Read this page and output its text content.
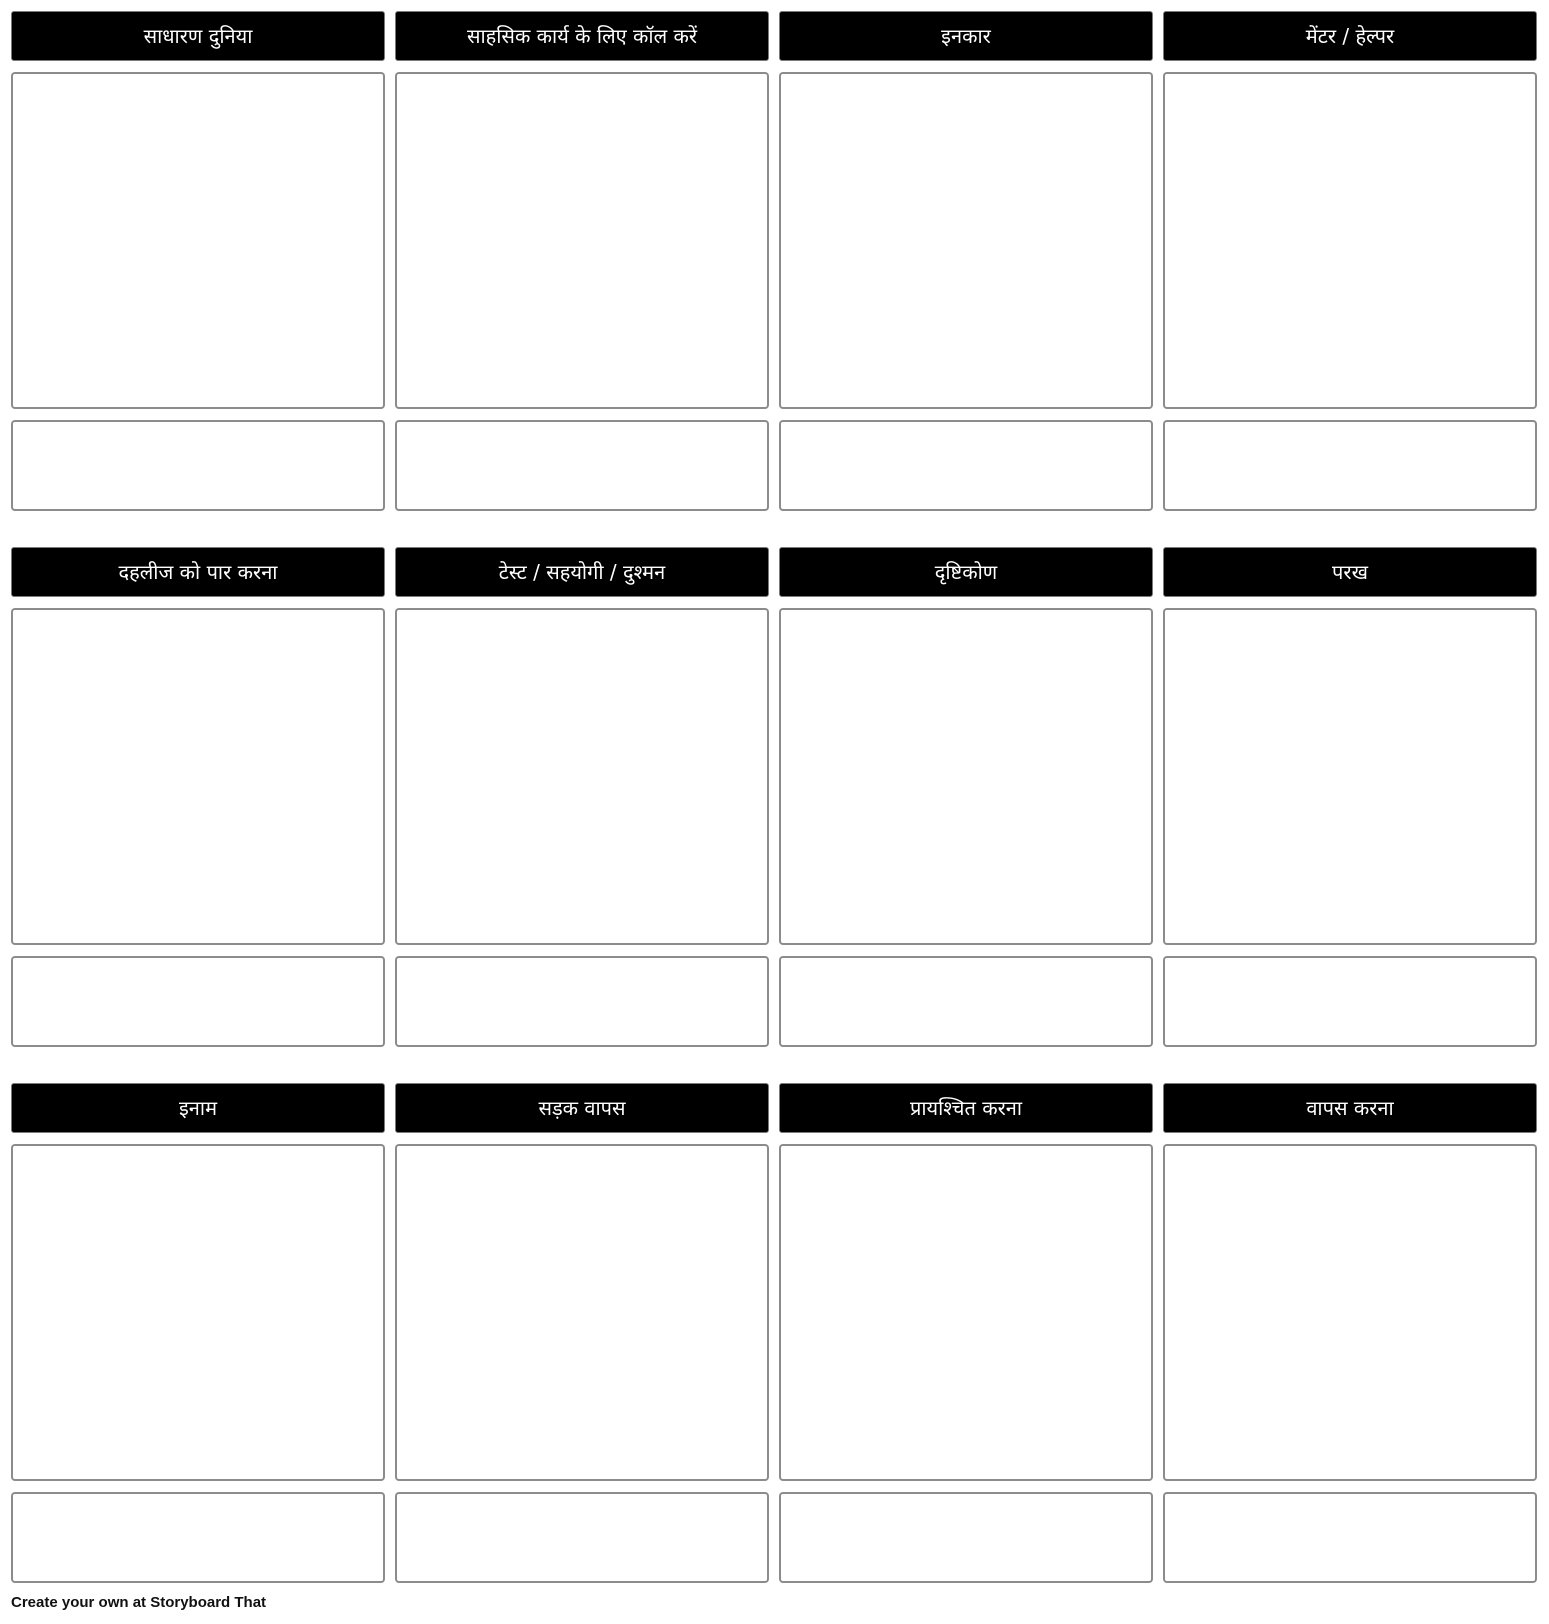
साधारण दुनिया	साहसिक कार्य के लिए कॉल करें	इनकार	मेंटर / हेल्पर
दहलीज को पार करना	टेस्ट / सहयोगी / दुश्मन	दृष्टिकोण	परख
इनाम	सड़क वापस	प्रायश्चित करना	वापस करना
Create your own at Storyboard That
